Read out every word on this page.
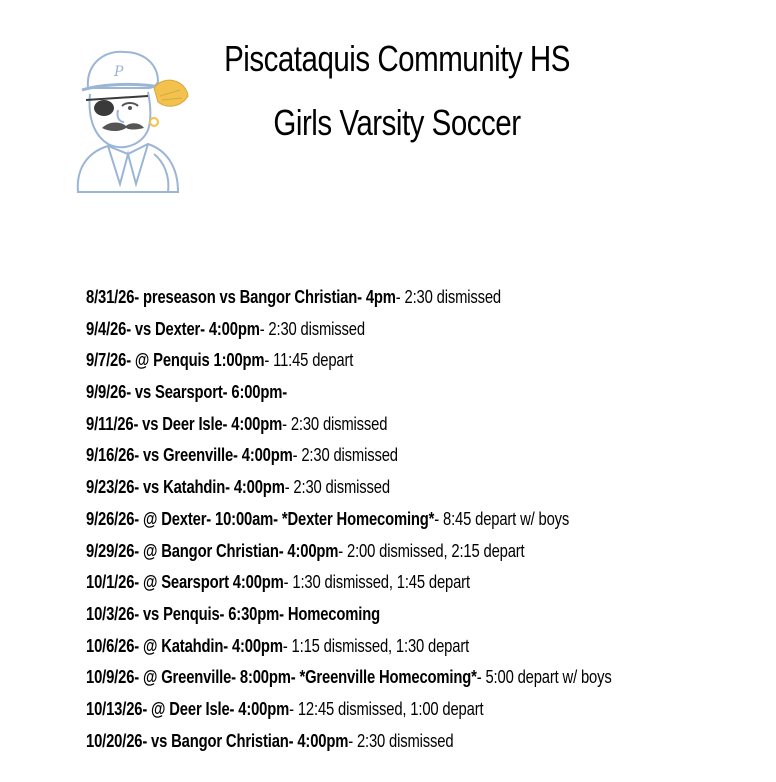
P	Piscataquis Community HS
Girls Varsity Soccer
8/31/26- preseason vs Bangor Christian- 4pm- 2:30 dismissed
9/4/26- vs Dexter- 4:00pm- 2:30 dismissed
9/7/26- @ Penquis 1:00pm- 11:45 depart
9/9/26- vs Searsport- 6:00pm-
9/11/26- vs Deer Isle- 4:00pm- 2:30 dismissed
9/16/26- vs Greenville- 4:00pm- 2:30 dismissed
9/23/26- vs Katahdin- 4:00pm- 2:30 dismissed
9/26/26- @ Dexter- 10:00am- *Dexter Homecoming*- 8:45 depart w/ boys
9/29/26- @ Bangor Christian- 4:00pm- 2:00 dismissed, 2:15 depart
10/1/26- @ Searsport 4:00pm- 1:30 dismissed, 1:45 depart
10/3/26- vs Penquis- 6:30pm- Homecoming
10/6/26- @ Katahdin- 4:00pm- 1:15 dismissed, 1:30 depart
10/9/26- @ Greenville- 8:00pm- *Greenville Homecoming*- 5:00 depart w/ boys
10/13/26- @ Deer Isle- 4:00pm- 12:45 dismissed, 1:00 depart
10/20/26- vs Bangor Christian- 4:00pm- 2:30 dismissed
